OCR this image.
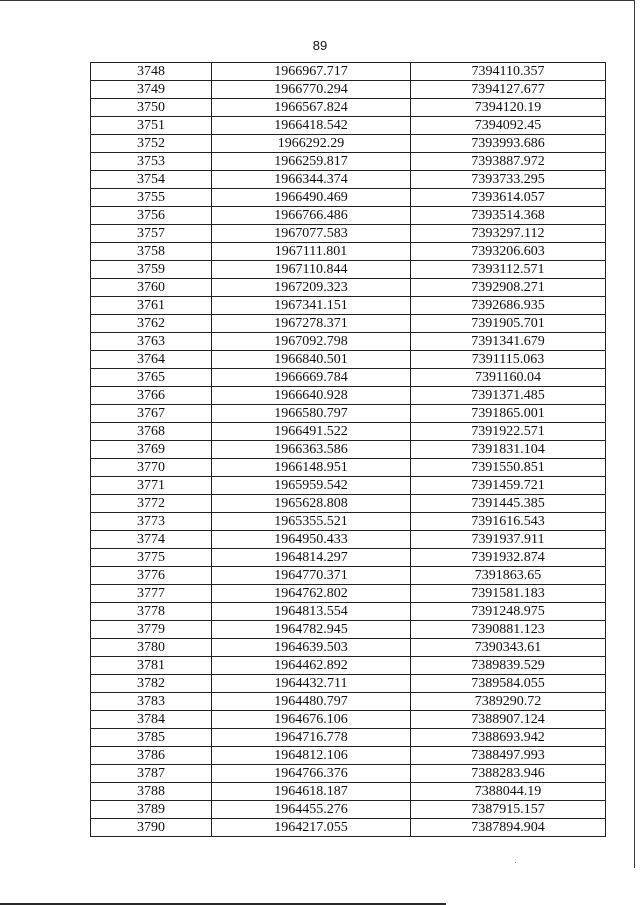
89
3748	1966967.717	7394110.357
3749	1966770.294	7394127.677
3750	1966567.824	7394120.19
3751	1966418.542	7394092.45
3752	1966292.29	7393993.686
3753	1966259.817	7393887.972
3754	1966344.374	7393733.295
3755	1966490.469	7393614.057
3756	1966766.486	7393514.368
3757	1967077.583	7393297.112
3758	1967111.801	7393206.603
3759	1967110.844	7393112.571
3760	1967209.323	7392908.271
3761	1967341.151	7392686.935
3762	1967278.371	7391905.701
3763	1967092.798	7391341.679
3764	1966840.501	7391115.063
3765	1966669.784	7391160.04
3766	1966640.928	7391371.485
3767	1966580.797	7391865.001
3768	1966491.522	7391922.571
3769	1966363.586	7391831.104
3770	1966148.951	7391550.851
3771	1965959.542	7391459.721
3772	1965628.808	7391445.385
3773	1965355.521	7391616.543
3774	1964950.433	7391937.911
3775	1964814.297	7391932.874
3776	1964770.371	7391863.65
3777	1964762.802	7391581.183
3778	1964813.554	7391248.975
3779	1964782.945	7390881.123
3780	1964639.503	7390343.61
3781	1964462.892	7389839.529
3782	1964432.711	7389584.055
3783	1964480.797	7389290.72
3784	1964676.106	7388907.124
3785	1964716.778	7388693.942
3786	1964812.106	7388497.993
3787	1964766.376	7388283.946
3788	1964618.187	7388044.19
3789	1964455.276	7387915.157
3790	1964217.055	7387894.904
